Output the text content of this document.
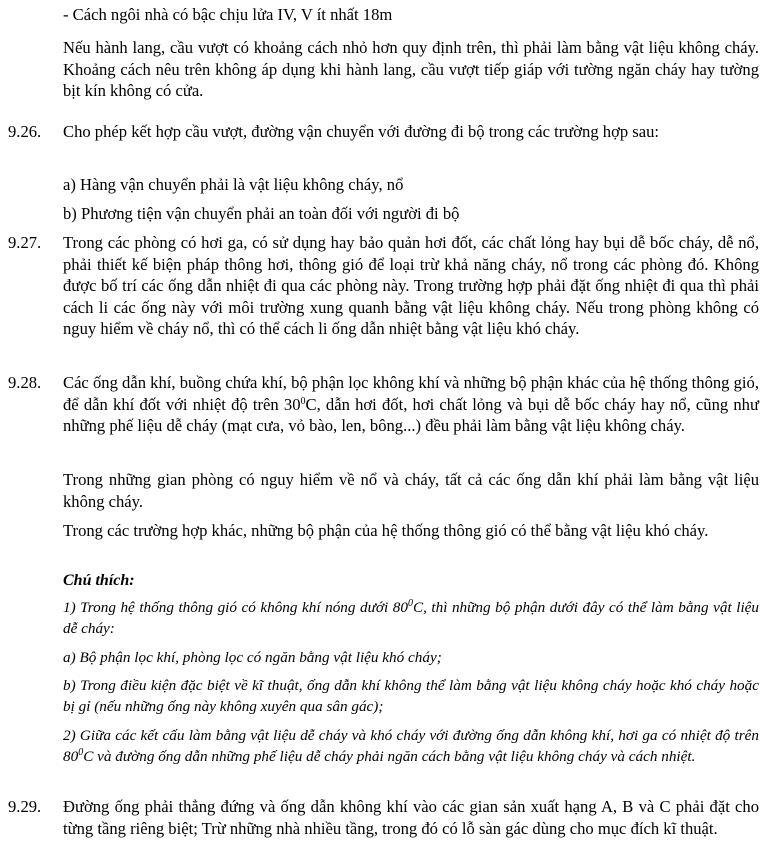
- Cách ngôi nhà có bậc chịu lửa IV, V ít nhất 18m

Nếu hành lang, cầu vượt có khoảng cách nhỏ hơn quy định trên, thì phải làm bằng vật liệu không cháy. Khoảng cách nêu trên không áp dụng khi hành lang, cầu vượt tiếp giáp với tường ngăn cháy hay tường bịt kín không có cửa.

9.26.	Cho phép kết hợp cầu vượt, đường vận chuyển với đường đi bộ trong các trường hợp sau:

a) Hàng vận chuyển phải là vật liệu không cháy, nổ

b) Phương tiện vận chuyển phải an toàn đối với người đi bộ

9.27.	Trong các phòng có hơi ga, có sử dụng hay bảo quản hơi đốt, các chất lỏng hay bụi dễ bốc cháy, dễ nổ, phải thiết kế biện pháp thông hơi, thông gió để loại trừ khả năng cháy, nổ trong các phòng đó. Không được bố trí các ống dẫn nhiệt đi qua các phòng này. Trong trường hợp phải đặt ống nhiệt đi qua thì phải cách li các ống này với môi trường xung quanh bằng vật liệu không cháy. Nếu trong phòng không có nguy hiểm về cháy nổ, thì có thể cách li ống dẫn nhiệt bằng vật liệu khó cháy.

9.28.	Các ống dẫn khí, buồng chứa khí, bộ phận lọc không khí và những bộ phận khác của hệ thống thông gió, để dẫn khí đốt với nhiệt độ trên $30^0C$, dẫn hơi đốt, hơi chất lỏng và bụi dễ bốc cháy hay nổ, cũng như những phế liệu dễ cháy (mạt cưa, vỏ bào, len, bông...) đều phải làm bằng vật liệu không cháy.

Trong những gian phòng có nguy hiểm về nổ và cháy, tất cả các ống dẫn khí phải làm bằng vật liệu không cháy.

Trong các trường hợp khác, những bộ phận của hệ thống thông gió có thể bằng vật liệu khó cháy.

Chú thích:

1) Trong hệ thống thông gió có không khí nóng dưới $80^0C$, thì những bộ phận dưới đây có thể làm bằng vật liệu dễ cháy:

a) Bộ phận lọc khí, phòng lọc có ngăn bằng vật liệu khó cháy;

b) Trong điều kiện đặc biệt về kĩ thuật, ống dẫn khí không thể làm bằng vật liệu không cháy hoặc khó cháy hoặc bị gỉ (nếu những ống này không xuyên qua sân gác);

2) Giữa các kết cấu làm bằng vật liệu dễ cháy và khó cháy với đường ống dẫn không khí, hơi ga có nhiệt độ trên $80^0C$ và đường ống dẫn những phế liệu dễ cháy phải ngăn cách bằng vật liệu không cháy và cách nhiệt.

9.29.	Đường ống phải thẳng đứng và ống dẫn không khí vào các gian sản xuất hạng A, B và C phải đặt cho từng tầng riêng biệt; Trừ những nhà nhiều tầng, trong đó có lỗ sàn gác dùng cho mục đích kĩ thuật.
